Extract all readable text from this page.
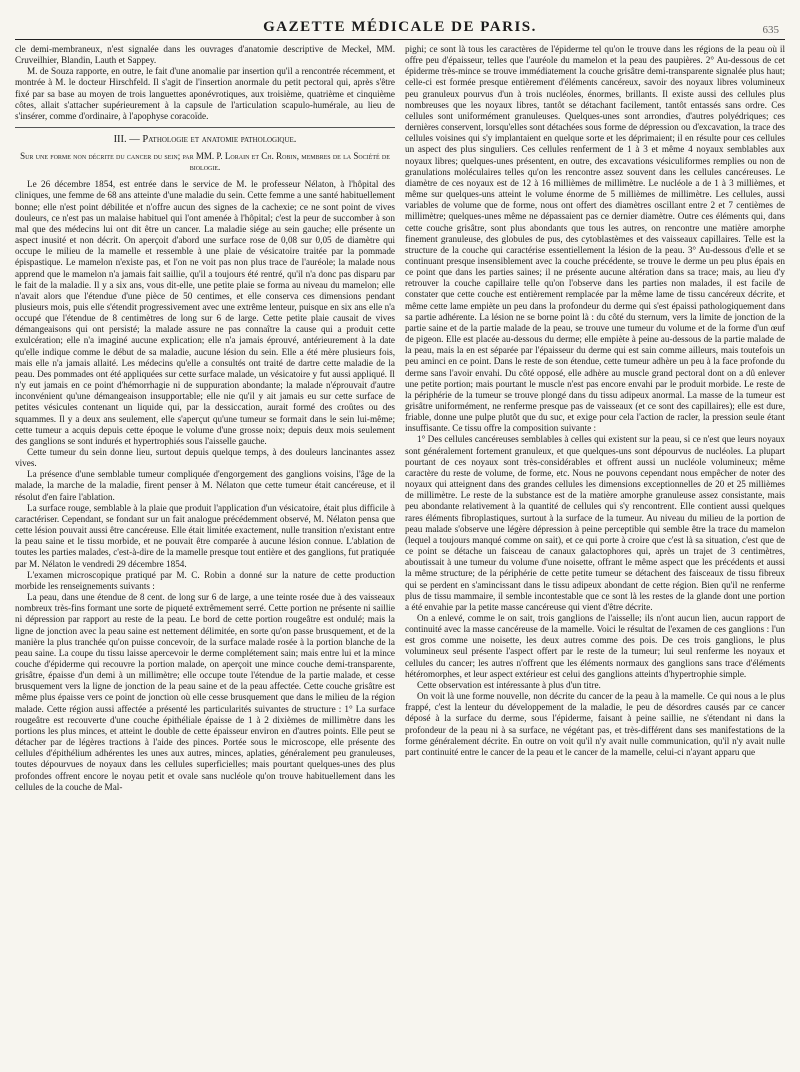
GAZETTE MÉDICALE DE PARIS.	635

cle demi-membraneux, n'est signalée dans les ouvrages d'anatomie descriptive de Meckel, MM. Cruveilhier, Blandin, Lauth et Sappey.

M. de Souza rapporte, en outre, le fait d'une anomalie par insertion qu'il a rencontrée récemment, et montrée à M. le docteur Hirschfeld. Il s'agit de l'insertion anormale du petit pectoral qui, après s'être fixé par sa base au moyen de trois languettes aponévrotiques, aux troisième, quatrième et cinquième côtes, allait s'attacher supérieurement à la capsule de l'articulation scapulo-humérale, au lieu de s'insérer, comme d'ordinaire, à l'apophyse coracoïde.

III. — Pathologie et anatomie pathologique.
Sur une forme non décrite du cancer du sein; par MM. P. Lorain et Ch. Robin, membres de la Société de biologie.

Le 26 décembre 1854, est entrée dans le service de M. le professeur Nélaton, à l'hôpital des cliniques, une femme de 68 ans atteinte d'une maladie du sein. Cette femme a une santé habituellement bonne; elle n'est point débilitée et n'offre aucun des signes de la cachexie; ce ne sont point de vives douleurs, ce n'est pas un malaise habituel qui l'ont amenée à l'hôpital; c'est la peur de succomber à son mal que des médecins lui ont dit être un cancer. La maladie siége au sein gauche; elle présente un aspect inusité et non décrit. On aperçoit d'abord une surface rose de 0,08 sur 0,05 de diamètre qui occupe le milieu de la mamelle et ressemble à une plaie de vésicatoire traitée par la pommade épispastique. Le mamelon n'existe pas, et l'on ne voit pas non plus trace de l'auréole; la malade nous apprend que le mamelon n'a jamais fait saillie, qu'il a toujours été rentré, qu'il n'a donc pas disparu par le fait de la maladie. Il y a six ans, vous dit-elle, une petite plaie se forma au niveau du mamelon; elle n'avait alors que l'étendue d'une pièce de 50 centimes, et elle conserva ces dimensions pendant plusieurs mois, puis elle s'étendit progressivement avec une extrême lenteur, puisque en six ans elle n'a occupé que l'étendue de 8 centimètres de long sur 6 de large. Cette petite plaie causait de vives démangeaisons qui ont persisté; la malade assure ne pas connaître la cause qui a produit cette exulcération; elle n'a imaginé aucune explication; elle n'a jamais éprouvé, antérieurement à la date qu'elle indique comme le début de sa maladie, aucune lésion du sein. Elle a été mère plusieurs fois, mais elle n'a jamais allaité. Les médecins qu'elle a consultés ont traité de dartre cette maladie de la peau. Des pommades ont été appliquées sur cette surface malade, un vésicatoire y fut aussi appliqué. Il n'y eut jamais en ce point d'hémorrhagie ni de suppuration abondante; la malade n'éprouvait d'autre inconvénient qu'une démangeaison insupportable; elle nie qu'il y ait jamais eu sur cette surface de petites vésicules contenant un liquide qui, par la dessiccation, aurait formé des croûtes ou des squammes. Il y a deux ans seulement, elle s'aperçut qu'une tumeur se formait dans le sein lui-même; cette tumeur a acquis depuis cette époque le volume d'une grosse noix; depuis deux mois seulement des ganglions se sont indurés et hypertrophiés sous l'aisselle gauche.

Cette tumeur du sein donne lieu, surtout depuis quelque temps, à des douleurs lancinantes assez vives.

La présence d'une semblable tumeur compliquée d'engorgement des ganglions voisins, l'âge de la malade, la marche de la maladie, firent penser à M. Nélaton que cette tumeur était cancéreuse, et il résolut d'en faire l'ablation.

La surface rouge, semblable à la plaie que produit l'application d'un vésicatoire, était plus difficile à caractériser. Cependant, se fondant sur un fait analogue précédemment observé, M. Nélaton pensa que cette lésion pouvait aussi être cancéreuse. Elle était limitée exactement, nulle transition n'existant entre la peau saine et le tissu morbide, et ne pouvait être comparée à aucune lésion connue. L'ablation de toutes les parties malades, c'est-à-dire de la mamelle presque tout entière et des ganglions, fut pratiquée par M. Nélaton le vendredi 29 décembre 1854.

L'examen microscopique pratiqué par M. C. Robin a donné sur la nature de cette production morbide les renseignements suivants :

La peau, dans une étendue de 8 cent. de long sur 6 de large, a une teinte rosée due à des vaisseaux nombreux très-fins formant une sorte de piqueté extrêmement serré. Cette portion ne présente ni saillie ni dépression par rapport au reste de la peau. Le bord de cette portion rougeâtre est ondulé; mais la ligne de jonction avec la peau saine est nettement délimitée, en sorte qu'on passe brusquement, et de la manière la plus tranchée qu'on puisse concevoir, de la surface malade rosée à la portion blanche de la peau saine. La coupe du tissu laisse apercevoir le derme complétement sain; mais entre lui et la mince couche d'épiderme qui recouvre la portion malade, on aperçoit une mince couche demi-transparente, grisâtre, épaisse d'un demi à un millimètre; elle occupe toute l'étendue de la partie malade, et cesse brusquement vers la ligne de jonction de la peau saine et de la peau affectée. Cette couche grisâtre est même plus épaisse vers ce point de jonction où elle cesse brusquement que dans le milieu de la région malade. Cette région aussi affectée a présenté les particularités suivantes de structure : 1° La surface rougeâtre est recouverte d'une couche épithéliale épaisse de 1 à 2 dixièmes de millimètre dans les portions les plus minces, et atteint le double de cette épaisseur environ en d'autres points. Elle peut se détacher par de légères tractions à l'aide des pinces. Portée sous le microscope, elle présente des cellules d'épithélium adhérentes les unes aux autres, minces, aplaties, généralement peu granuleuses, toutes dépourvues de noyaux dans les cellules superficielles; mais pourtant quelques-unes des plus profondes offrent encore le noyau petit et ovale sans nucléole qu'on trouve habituellement dans les cellules de la couche de Mal-

pighi; ce sont là tous les caractères de l'épiderme tel qu'on le trouve dans les régions de la peau où il offre peu d'épaisseur, telles que l'auréole du mamelon et la peau des paupières. 2° Au-dessous de cet épiderme très-mince se trouve immédiatement la couche grisâtre demi-transparente signalée plus haut; celle-ci est formée presque entièrement d'éléments cancéreux, savoir des noyaux libres volumineux peu granuleux pourvus d'un à trois nucléoles, énormes, brillants. Il existe aussi des cellules plus nombreuses que les noyaux libres, tantôt se détachant facilement, tantôt entassés sans ordre. Ces cellules sont uniformément granuleuses. Quelques-unes sont arrondies, d'autres polyédriques; ces dernières conservent, lorsqu'elles sont détachées sous forme de dépression ou d'excavation, la trace des cellules voisines qui s'y implantaient en quelque sorte et les déprimaient; il en résulte pour ces cellules un aspect des plus singuliers. Ces cellules renferment de 1 à 3 et même 4 noyaux semblables aux noyaux libres; quelques-unes présentent, en outre, des excavations vésiculiformes remplies ou non de granulations moléculaires telles qu'on les rencontre assez souvent dans les cellules cancéreuses. Le diamètre de ces noyaux est de 12 à 16 millièmes de millimètre. Le nucléole a de 1 à 3 millièmes, et même sur quelques-uns atteint le volume énorme de 5 millièmes de millimètre. Les cellules, aussi variables de volume que de forme, nous ont offert des diamètres oscillant entre 2 et 7 centièmes de millimètre; quelques-unes même ne dépassaient pas ce dernier diamètre. Outre ces éléments qui, dans cette couche grisâtre, sont plus abondants que tous les autres, on rencontre une matière amorphe finement granuleuse, des globules de pus, des cytoblastèmes et des vaisseaux capillaires. Telle est la structure de la couche qui caractérise essentiellement la lésion de la peau. 3° Au-dessous d'elle et se continuant presque insensiblement avec la couche précédente, se trouve le derme un peu plus épais en ce point que dans les parties saines; il ne présente aucune altération dans sa trace; mais, au lieu d'y retrouver la couche capillaire telle qu'on l'observe dans les parties non malades, il est facile de constater que cette couche est entièrement remplacée par la même lame de tissu cancéreux décrite, et même cette lame empiète un peu dans la profondeur du derme qui s'est épaissi pathologiquement dans sa partie adhérente. La lésion ne se borne point là : du côté du sternum, vers la limite de jonction de la partie saine et de la partie malade de la peau, se trouve une tumeur du volume et de la forme d'un œuf de pigeon. Elle est placée au-dessous du derme; elle empiète à peine au-dessous de la partie malade de la peau, mais la en est séparée par l'épaisseur du derme qui est sain comme ailleurs, mais toutefois un peu aminci en ce point. Dans le reste de son étendue, cette tumeur adhère un peu à la face profonde du derme sans l'avoir envahi. Du côté opposé, elle adhère au muscle grand pectoral dont on a dû enlever une petite portion; mais pourtant le muscle n'est pas encore envahi par le produit morbide. Le reste de la périphérie de la tumeur se trouve plongé dans du tissu adipeux anormal. La masse de la tumeur est grisâtre uniformément, ne renferme presque pas de vaisseaux (et ce sont des capillaires); elle est dure, friable, donne une pulpe plutôt que du suc, et exige pour cela l'action de racler, la pression seule étant insuffisante. Ce tissu offre la composition suivante :

1° Des cellules cancéreuses semblables à celles qui existent sur la peau, si ce n'est que leurs noyaux sont généralement fortement granuleux, et que quelques-uns sont dépourvus de nucléoles. La plupart pourtant de ces noyaux sont très-considérables et offrent aussi un nucléole volumineux; même caractère du reste de volume, de forme, etc. Nous ne pouvons cependant nous empêcher de noter des noyaux qui atteignent dans des grandes cellules les dimensions exceptionnelles de 20 et 25 millièmes de millimètre. Le reste de la substance est de la matière amorphe granuleuse assez consistante, mais peu abondante relativement à la quantité de cellules qui s'y rencontrent. Elle contient aussi quelques rares éléments fibroplastiques, surtout à la surface de la tumeur. Au niveau du milieu de la portion de peau malade s'observe une légère dépression à peine perceptible qui semble être la trace du mamelon (lequel a toujours manqué comme on sait), et ce qui porte à croire que c'est là sa situation, c'est que de ce point se détache un faisceau de canaux galactophores qui, après un trajet de 3 centimètres, aboutissait à une tumeur du volume d'une noisette, offrant le même aspect que les précédents et aussi la même structure; de la périphérie de cette petite tumeur se détachent des faisceaux de tissu fibreux qui se perdent en s'amincissant dans le tissu adipeux abondant de cette région. Bien qu'il ne renferme plus de tissu mammaire, il semble incontestable que ce sont là les restes de la glande dont une portion a été envahie par la petite masse cancéreuse qui vient d'être décrite.

On a enlevé, comme le on sait, trois ganglions de l'aisselle; ils n'ont aucun lien, aucun rapport de continuité avec la masse cancéreuse de la mamelle. Voici le résultat de l'examen de ces ganglions : l'un est gros comme une noisette, les deux autres comme des pois. De ces trois ganglions, le plus volumineux seul présente l'aspect offert par le reste de la tumeur; lui seul renferme les noyaux et cellules du cancer; les autres n'offrent que les éléments normaux des ganglions sans trace d'éléments hétéromorphes, et leur aspect extérieur est celui des ganglions atteints d'hypertrophie simple.

Cette observation est intéressante à plus d'un titre.

On voit là une forme nouvelle, non décrite du cancer de la peau à la mamelle. Ce qui nous a le plus frappé, c'est la lenteur du développement de la maladie, le peu de désordres causés par ce cancer déposé à la surface du derme, sous l'épiderme, faisant à peine saillie, ne s'étendant ni dans la profondeur de la peau ni à sa surface, ne végétant pas, et très-différent dans ses manifestations de la forme généralement décrite. En outre on voit qu'il n'y avait nulle communication, qu'il n'y avait nulle part continuité entre le cancer de la peau et le cancer de la mamelle, celui-ci n'ayant apparu que
